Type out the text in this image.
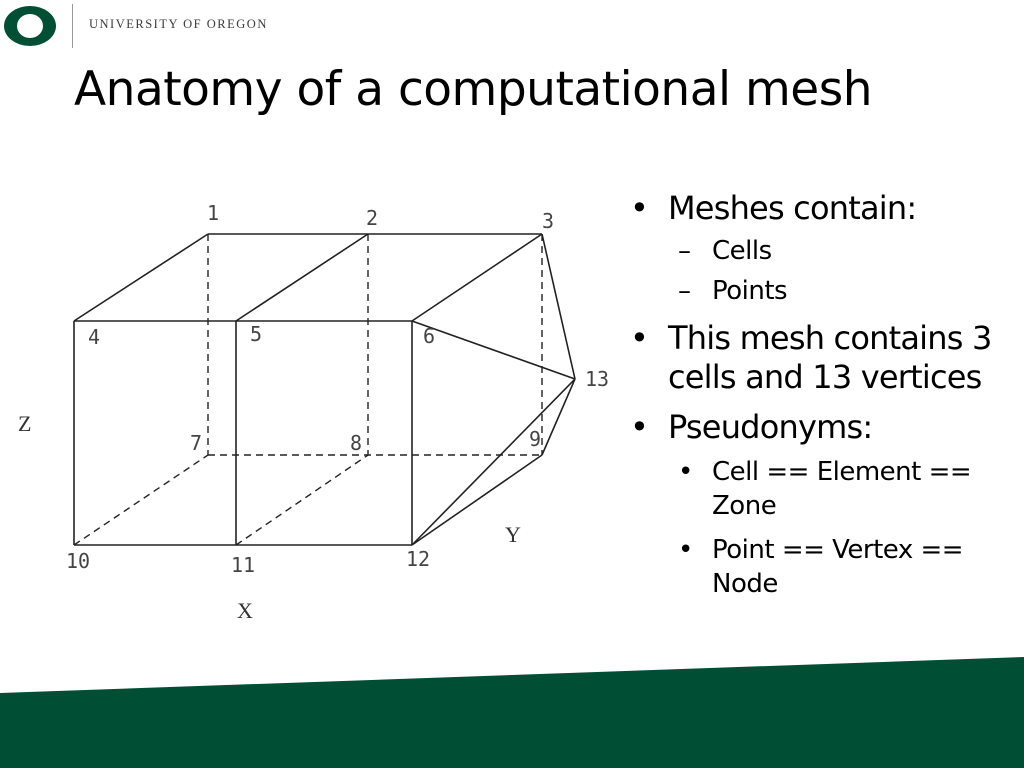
UNIVERSITY OF OREGON
Anatomy of a computational mesh
1	2	3
4	5	6
7	8	9
10	11	12
13
Z
X
Y
• Meshes contain:
– Cells
– Points
• This mesh contains 3 cells and 13 vertices
• Pseudonyms:
• Cell == Element == Zone
• Point == Vertex == Node
